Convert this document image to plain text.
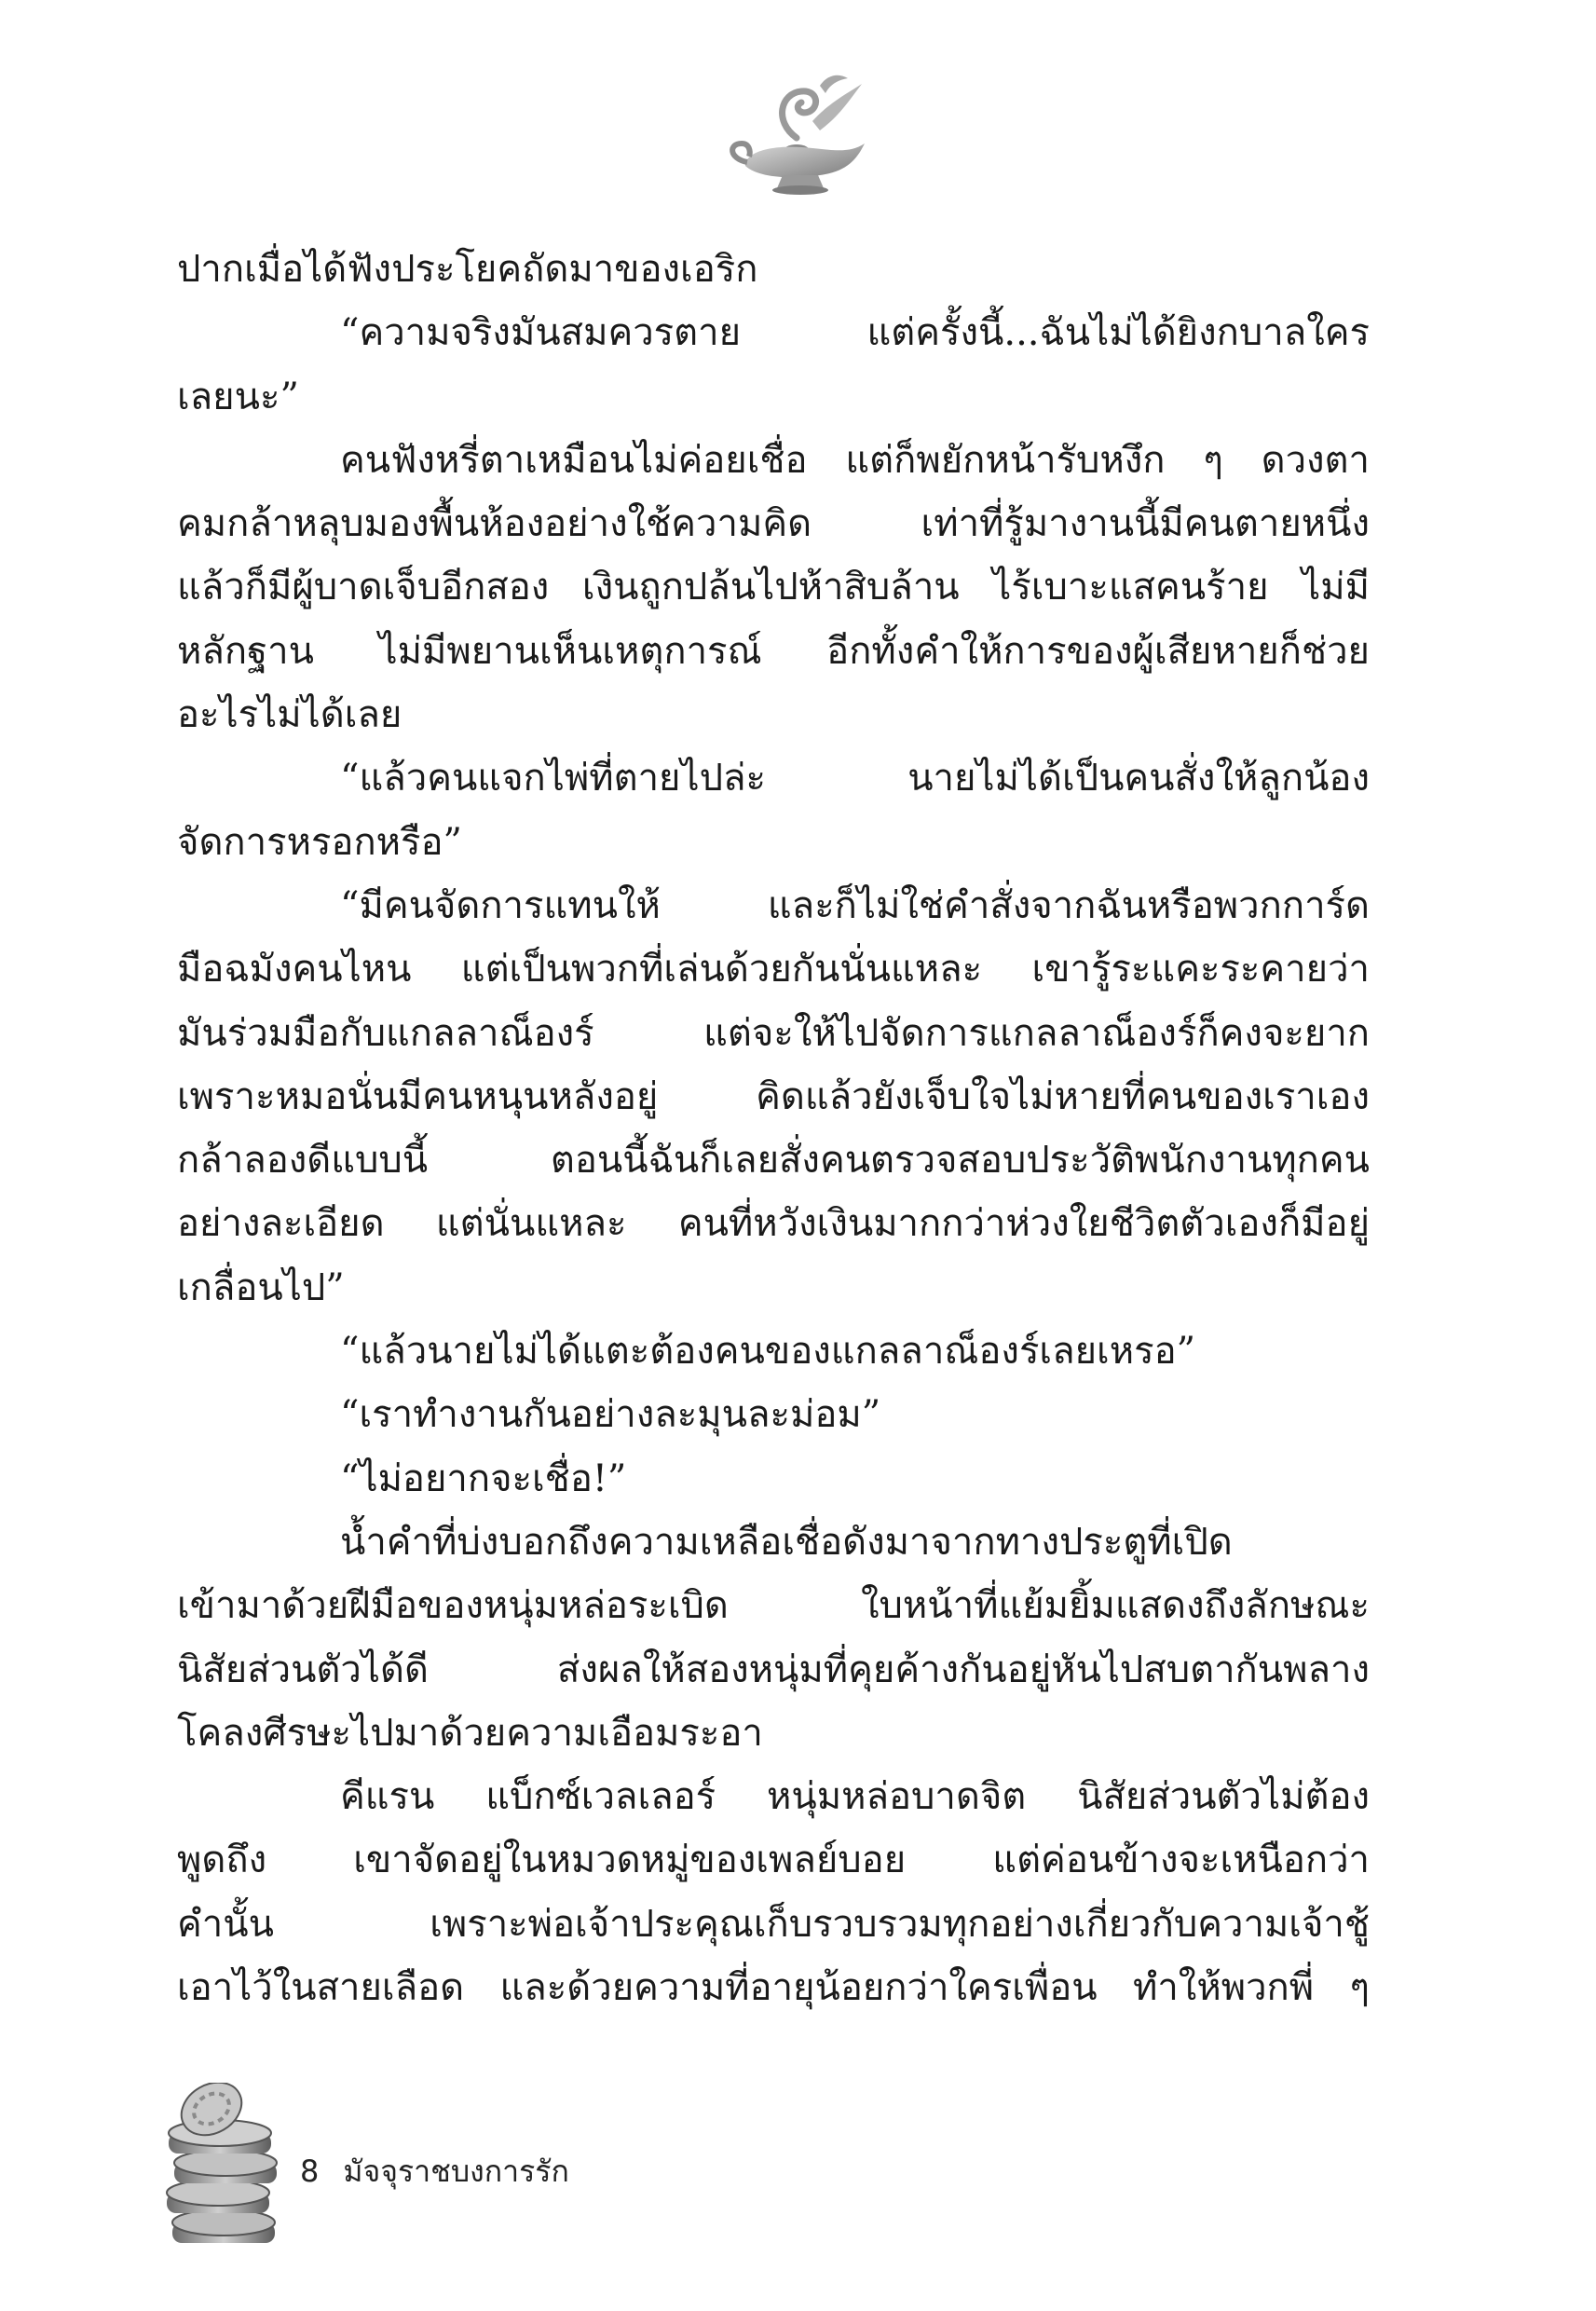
ปากเมื่อได้ฟังประโยคถัดมาของเอริก
“ความจริงมันสมควรตาย แต่ครั้งนี้...ฉันไม่ได้ยิงกบาลใคร
เลยนะ”
คนฟังหรี่ตาเหมือนไม่ค่อยเชื่อ แต่ก็พยักหน้ารับหงึก ๆ ดวงตา
คมกล้าหลุบมองพื้นห้องอย่างใช้ความคิด เท่าที่รู้มางานนี้มีคนตายหนึ่ง
แล้วก็มีผู้บาดเจ็บอีกสอง เงินถูกปล้นไปห้าสิบล้าน ไร้เบาะแสคนร้าย ไม่มี
หลักฐาน ไม่มีพยานเห็นเหตุการณ์ อีกทั้งคำให้การของผู้เสียหายก็ช่วย
อะไรไม่ได้เลย
“แล้วคนแจกไพ่ที่ตายไปล่ะ นายไม่ได้เป็นคนสั่งให้ลูกน้อง
จัดการหรอกหรือ”
“มีคนจัดการแทนให้ และก็ไม่ใช่คำสั่งจากฉันหรือพวกการ์ด
มือฉมังคนไหน แต่เป็นพวกที่เล่นด้วยกันนั่นแหละ เขารู้ระแคะระคายว่า
มันร่วมมือกับแกลลาณ็องร์ แต่จะให้ไปจัดการแกลลาณ็องร์ก็คงจะยาก
เพราะหมอนั่นมีคนหนุนหลังอยู่ คิดแล้วยังเจ็บใจไม่หายที่คนของเราเอง
กล้าลองดีแบบนี้ ตอนนี้ฉันก็เลยสั่งคนตรวจสอบประวัติพนักงานทุกคน
อย่างละเอียด แต่นั่นแหละ คนที่หวังเงินมากกว่าห่วงใยชีวิตตัวเองก็มีอยู่
เกลื่อนไป”
“แล้วนายไม่ได้แตะต้องคนของแกลลาณ็องร์เลยเหรอ”
“เราทำงานกันอย่างละมุนละม่อม”
“ไม่อยากจะเชื่อ!”
น้ำคำที่บ่งบอกถึงความเหลือเชื่อดังมาจากทางประตูที่เปิด
เข้ามาด้วยฝีมือของหนุ่มหล่อระเบิด ใบหน้าที่แย้มยิ้มแสดงถึงลักษณะ
นิสัยส่วนตัวได้ดี ส่งผลให้สองหนุ่มที่คุยค้างกันอยู่หันไปสบตากันพลาง
โคลงศีรษะไปมาด้วยความเอือมระอา
คีแรน แบ็กซ์เวลเลอร์ หนุ่มหล่อบาดจิต นิสัยส่วนตัวไม่ต้อง
พูดถึง เขาจัดอยู่ในหมวดหมู่ของเพลย์บอย แต่ค่อนข้างจะเหนือกว่า
คำนั้น เพราะพ่อเจ้าประคุณเก็บรวบรวมทุกอย่างเกี่ยวกับความเจ้าชู้
เอาไว้ในสายเลือด และด้วยความที่อายุน้อยกว่าใครเพื่อน ทำให้พวกพี่ ๆ
8 มัจจุราชบงการรัก
